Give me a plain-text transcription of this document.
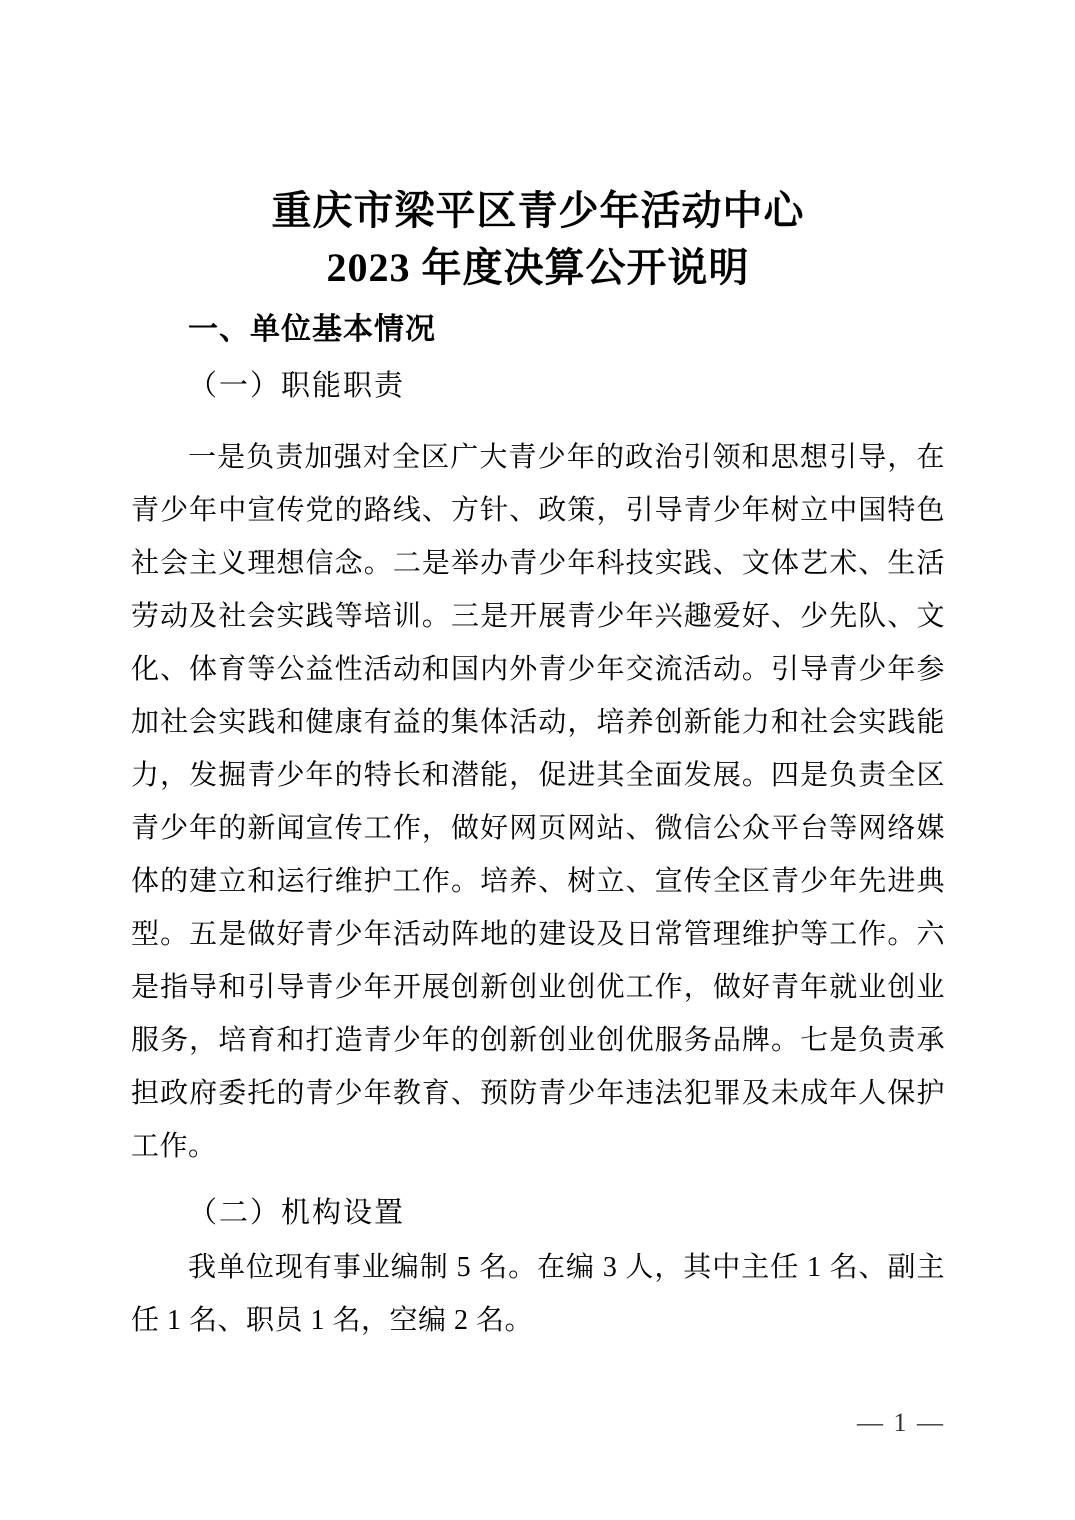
重庆市梁平区青少年活动中心
2023 年度决算公开说明
一、单位基本情况
（一）职能职责
一是负责加强对全区广大青少年的政治引领和思想引导，在
青少年中宣传党的路线、方针、政策，引导青少年树立中国特色
社会主义理想信念。二是举办青少年科技实践、文体艺术、生活
劳动及社会实践等培训。三是开展青少年兴趣爱好、少先队、文
化、体育等公益性活动和国内外青少年交流活动。引导青少年参
加社会实践和健康有益的集体活动，培养创新能力和社会实践能
力，发掘青少年的特长和潜能，促进其全面发展。四是负责全区
青少年的新闻宣传工作，做好网页网站、微信公众平台等网络媒
体的建立和运行维护工作。培养、树立、宣传全区青少年先进典
型。五是做好青少年活动阵地的建设及日常管理维护等工作。六
是指导和引导青少年开展创新创业创优工作，做好青年就业创业
服务，培育和打造青少年的创新创业创优服务品牌。七是负责承
担政府委托的青少年教育、预防青少年违法犯罪及未成年人保护
工作。
（二）机构设置
我单位现有事业编制 5 名。在编 3 人，其中主任 1 名、副主
任 1 名、职员 1 名，空编 2 名。
— 1 —
